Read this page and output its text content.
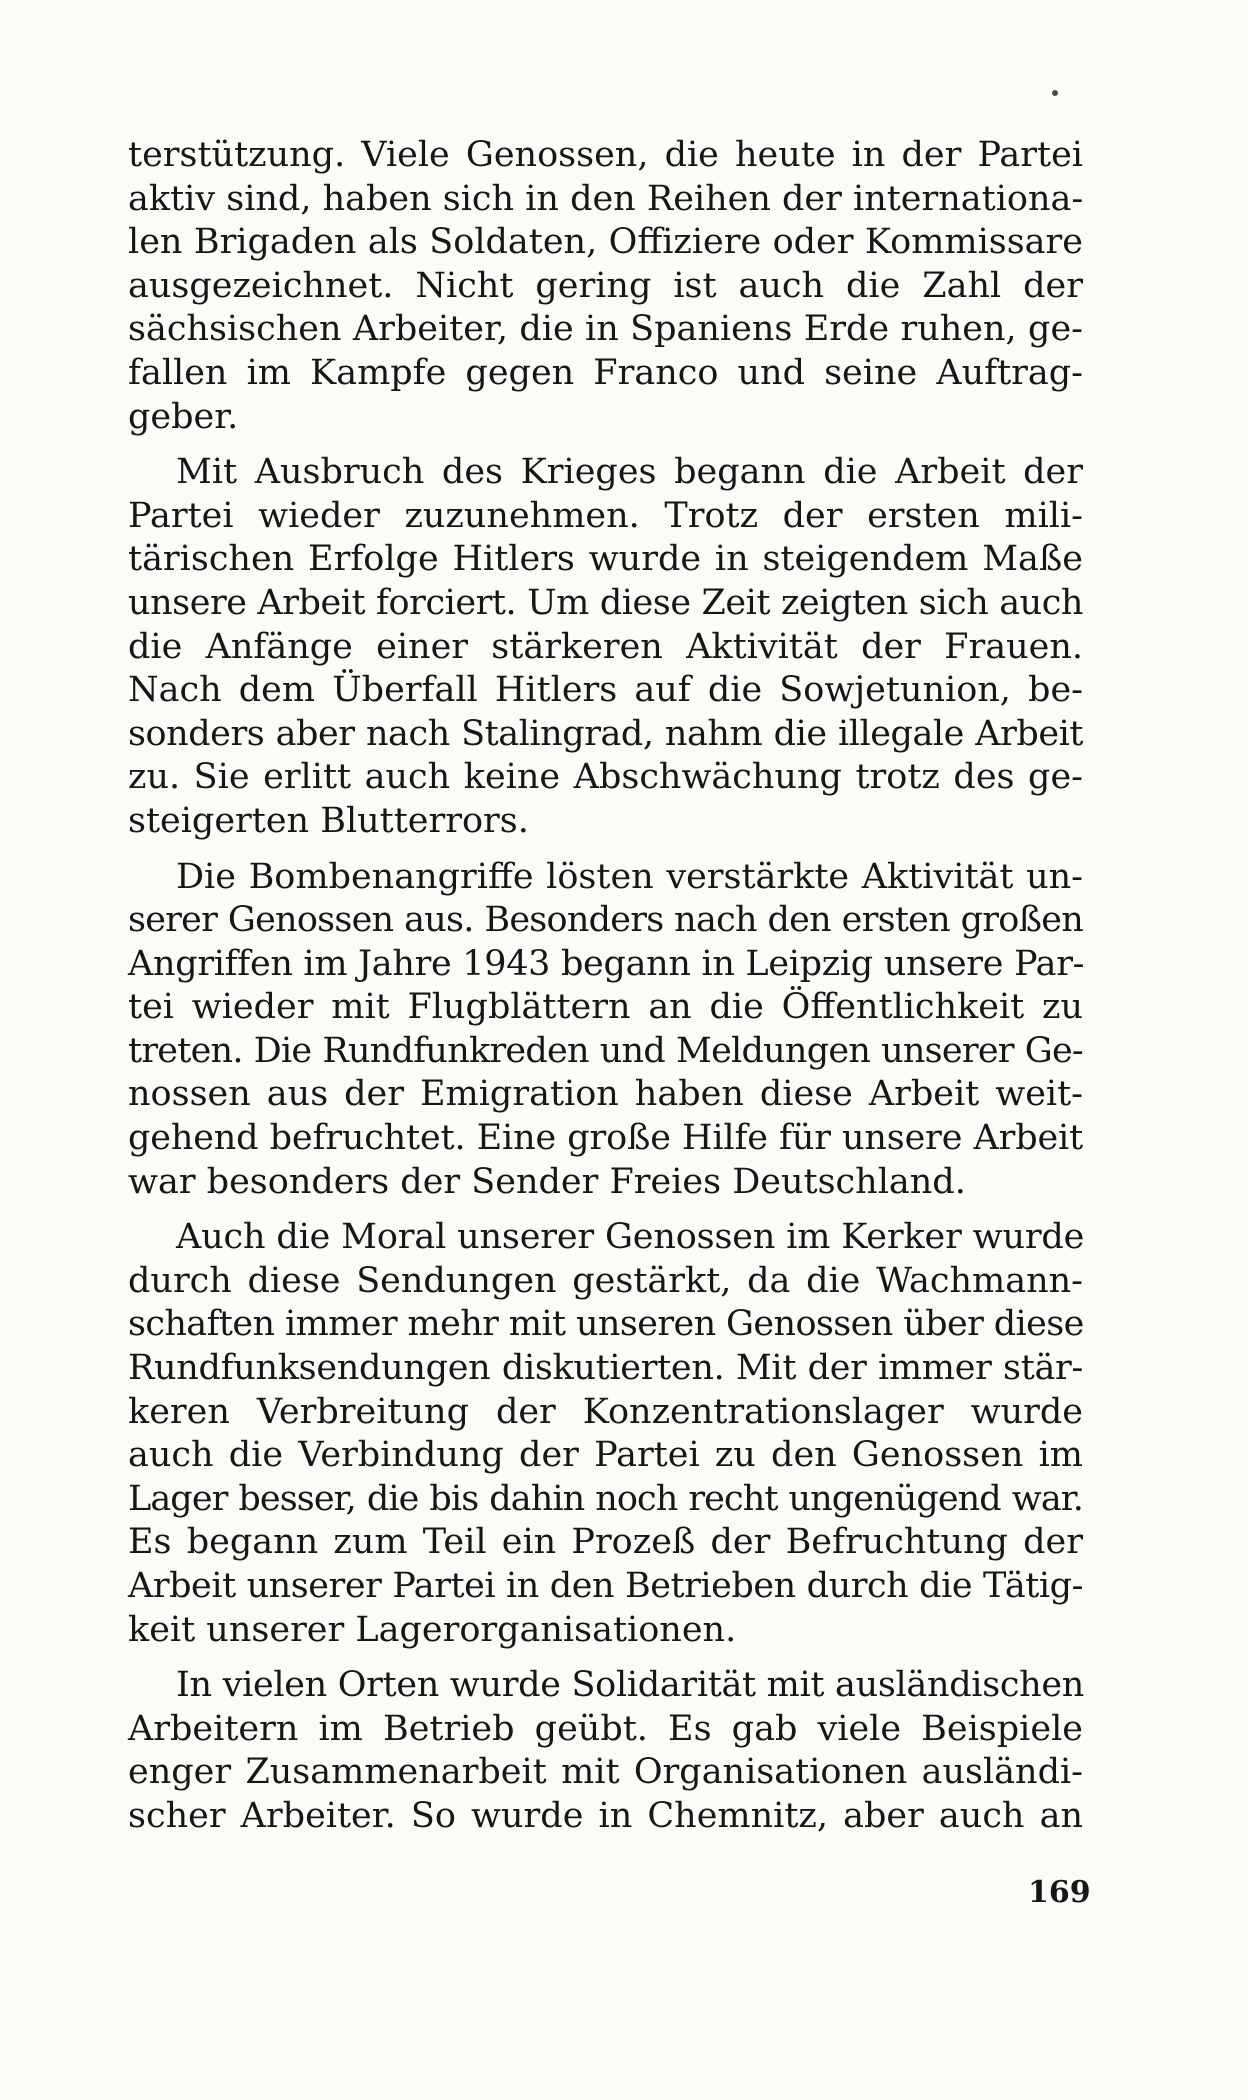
terstützung. Viele Genossen, die heute in der Partei
aktiv sind, haben sich in den Reihen der internationa-
len Brigaden als Soldaten, Offiziere oder Kommissare
ausgezeichnet. Nicht gering ist auch die Zahl der
sächsischen Arbeiter, die in Spaniens Erde ruhen, ge-
fallen im Kampfe gegen Franco und seine Auftrag-
geber.
Mit Ausbruch des Krieges begann die Arbeit der
Partei wieder zuzunehmen. Trotz der ersten mili-
tärischen Erfolge Hitlers wurde in steigendem Maße
unsere Arbeit forciert. Um diese Zeit zeigten sich auch
die Anfänge einer stärkeren Aktivität der Frauen.
Nach dem Überfall Hitlers auf die Sowjetunion, be-
sonders aber nach Stalingrad, nahm die illegale Arbeit
zu. Sie erlitt auch keine Abschwächung trotz des ge-
steigerten Blutterrors.
Die Bombenangriffe lösten verstärkte Aktivität un-
serer Genossen aus. Besonders nach den ersten großen
Angriffen im Jahre 1943 begann in Leipzig unsere Par-
tei wieder mit Flugblättern an die Öffentlichkeit zu
treten. Die Rundfunkreden und Meldungen unserer Ge-
nossen aus der Emigration haben diese Arbeit weit-
gehend befruchtet. Eine große Hilfe für unsere Arbeit
war besonders der Sender Freies Deutschland.
Auch die Moral unserer Genossen im Kerker wurde
durch diese Sendungen gestärkt, da die Wachmann-
schaften immer mehr mit unseren Genossen über diese
Rundfunksendungen diskutierten. Mit der immer stär-
keren Verbreitung der Konzentrationslager wurde
auch die Verbindung der Partei zu den Genossen im
Lager besser, die bis dahin noch recht ungenügend war.
Es begann zum Teil ein Prozeß der Befruchtung der
Arbeit unserer Partei in den Betrieben durch die Tätig-
keit unserer Lagerorganisationen.
In vielen Orten wurde Solidarität mit ausländischen
Arbeitern im Betrieb geübt. Es gab viele Beispiele
enger Zusammenarbeit mit Organisationen ausländi-
scher Arbeiter. So wurde in Chemnitz, aber auch an
169
